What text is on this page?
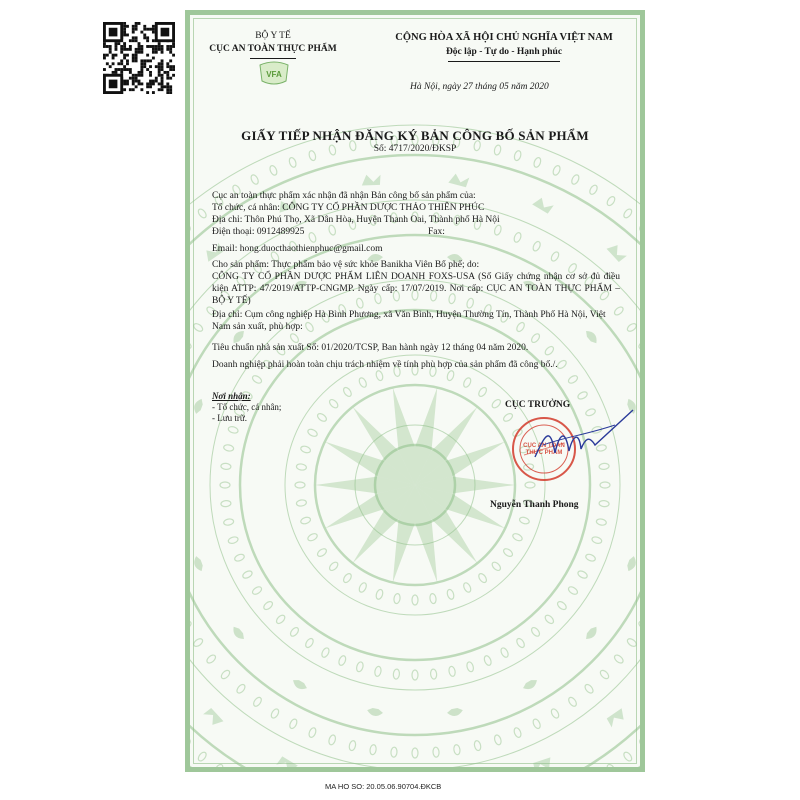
BỘ Y TẾ
CỤC AN TOÀN THỰC PHẨM
VFA
CỘNG HÒA XÃ HỘI CHỦ NGHĨA VIỆT NAM
Độc lập - Tự do - Hạnh phúc
Hà Nội, ngày 27 tháng 05 năm 2020
GIẤY TIẾP NHẬN ĐĂNG KÝ BẢN CÔNG BỐ SẢN PHẨM
Số: 4717/2020/ĐKSP
Cục an toàn thực phẩm xác nhận đã nhận Bản công bố sản phẩm của:
Tổ chức, cá nhân: CÔNG TY CỔ PHẦN DƯỢC THẢO THIÊN PHÚC
Địa chỉ: Thôn Phú Thọ, Xã Dân Hòa, Huyện Thanh Oai, Thành phố Hà Nội
Điện thoại: 0912489925	Fax:
Email: hong.duocthaothienphuc@gmail.com
Cho sản phẩm: Thực phẩm bảo vệ sức khỏe Banikha Viên Bổ phế; do:
CÔNG TY CỔ PHẦN DƯỢC PHẨM LIÊN DOANH FOXS-USA (Số Giấy chứng nhận cơ sở đủ điều kiện ATTP: 47/2019/ATTP-CNGMP. Ngày cấp: 17/07/2019. Nơi cấp: CỤC AN TOÀN THỰC PHẨM – BỘ Y TẾ)
Địa chỉ: Cụm công nghiệp Hà Bình Phương, xã Văn Bình, Huyện Thường Tín, Thành Phố Hà Nội, Việt Nam sản xuất, phù hợp:
Tiêu chuẩn nhà sản xuất Số: 01/2020/TCSP, Ban hành ngày 12 tháng 04 năm 2020.
Doanh nghiệp phải hoàn toàn chịu trách nhiệm về tính phù hợp của sản phẩm đã công bố./.
Nơi nhận:
- Tổ chức, cá nhân;
- Lưu trữ.
CỤC TRƯỞNG
CỤC AN TOÀN THỰC PHẨM
Nguyễn Thanh Phong
MA HO SO: 20.05.06.90704.ĐKCB
